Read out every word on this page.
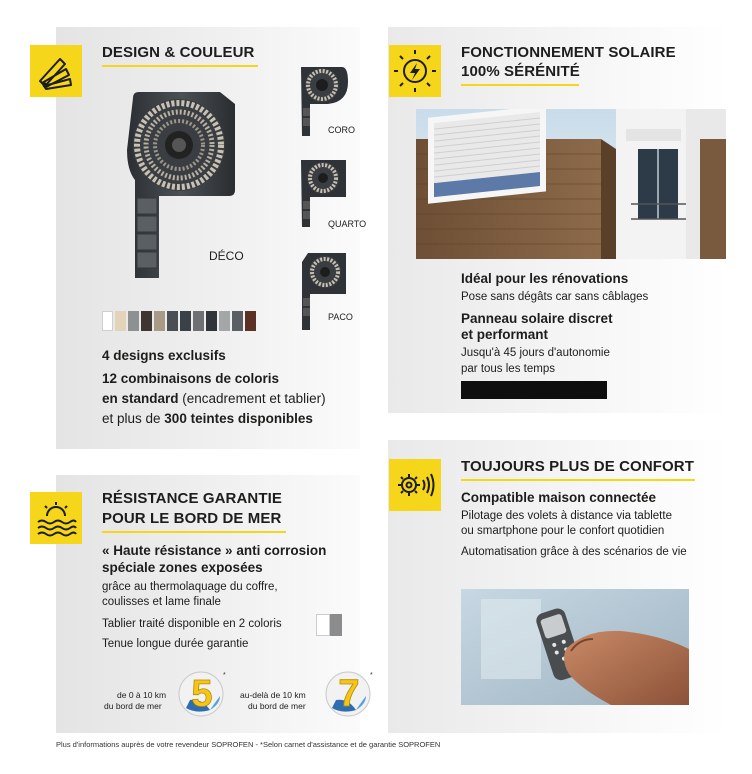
DESIGN & COULEUR
DÉCO
CORO
QUARTO
PACO
4 designs exclusifs
12 combinaisons de coloris
en standard (encadrement et tablier)
et plus de 300 teintes disponibles
FONCTIONNEMENT SOLAIRE
100% SÉRÉNITÉ
Idéal pour les rénovations
Pose sans dégâts car sans câblages
Panneau solaire discret
et performant
Jusqu'à 45 jours d'autonomie
par tous les temps
RÉSISTANCE GARANTIE
POUR LE BORD DE MER
« Haute résistance » anti corrosion
spéciale zones exposées
grâce au thermolaquage du coffre,
coulisses et lame finale
Tablier traité disponible en 2 coloris
Tenue longue durée garantie
de 0 à 10 km
du bord de mer 5 *
au-delà de 10 km
du bord de mer 7 *
TOUJOURS PLUS DE CONFORT
Compatible maison connectée
Pilotage des volets à distance via tablette
ou smartphone pour le confort quotidien
Automatisation grâce à des scénarios de vie
Plus d'informations auprès de votre revendeur SOPROFEN - *Selon carnet d'assistance et de garantie SOPROFEN
